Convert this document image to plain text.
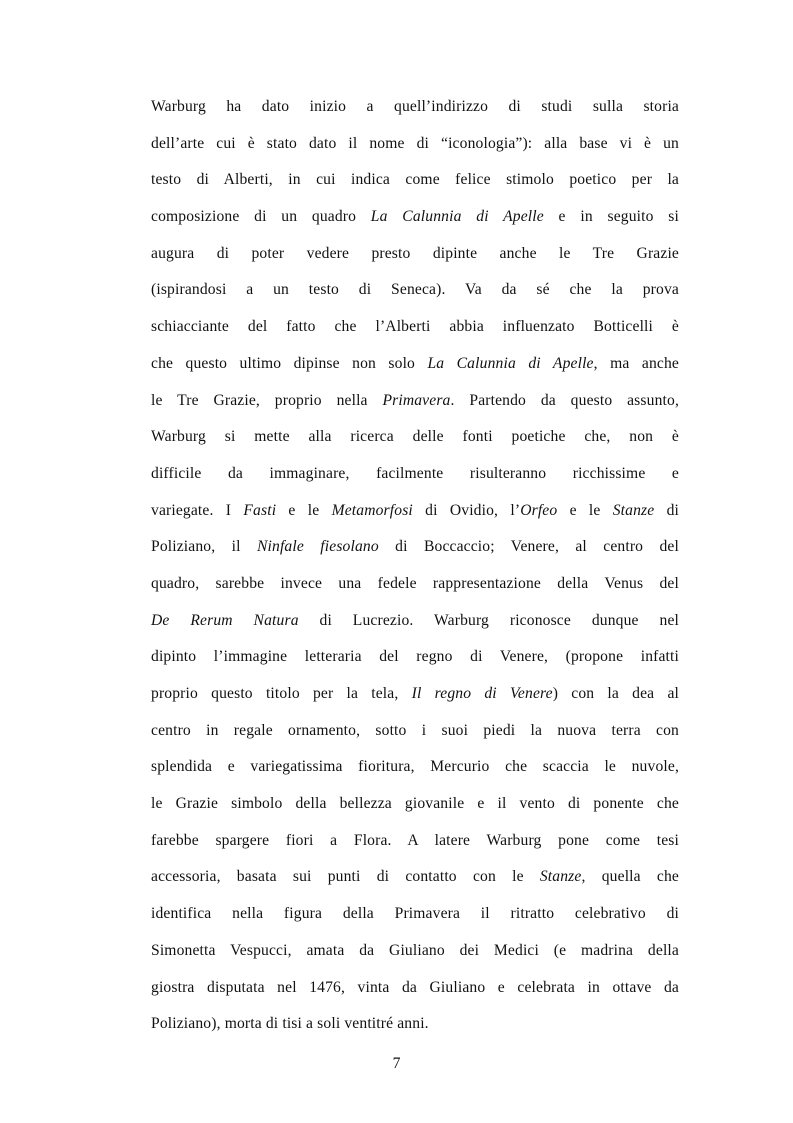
Warburg ha dato inizio a quell’indirizzo di studi sulla storia
dell’arte cui è stato dato il nome di “iconologia”): alla base vi è un
testo di Alberti, in cui indica come felice stimolo poetico per la
composizione di un quadro La Calunnia di Apelle e in seguito si
augura di poter vedere presto dipinte anche le Tre Grazie
(ispirandosi a un testo di Seneca). Va da sé che la prova
schiacciante del fatto che l’Alberti abbia influenzato Botticelli è
che questo ultimo dipinse non solo La Calunnia di Apelle, ma anche
le Tre Grazie, proprio nella Primavera. Partendo da questo assunto,
Warburg si mette alla ricerca delle fonti poetiche che, non è
difficile da immaginare, facilmente risulteranno ricchissime e
variegate. I Fasti e le Metamorfosi di Ovidio, l’Orfeo e le Stanze di
Poliziano, il Ninfale fiesolano di Boccaccio; Venere, al centro del
quadro, sarebbe invece una fedele rappresentazione della Venus del
De Rerum Natura di Lucrezio. Warburg riconosce dunque nel
dipinto l’immagine letteraria del regno di Venere, (propone infatti
proprio questo titolo per la tela, Il regno di Venere) con la dea al
centro in regale ornamento, sotto i suoi piedi la nuova terra con
splendida e variegatissima fioritura, Mercurio che scaccia le nuvole,
le Grazie simbolo della bellezza giovanile e il vento di ponente che
farebbe spargere fiori a Flora. A latere Warburg pone come tesi
accessoria, basata sui punti di contatto con le Stanze, quella che
identifica nella figura della Primavera il ritratto celebrativo di
Simonetta Vespucci, amata da Giuliano dei Medici (e madrina della
giostra disputata nel 1476, vinta da Giuliano e celebrata in ottave da
Poliziano), morta di tisi a soli ventitré anni.
7
